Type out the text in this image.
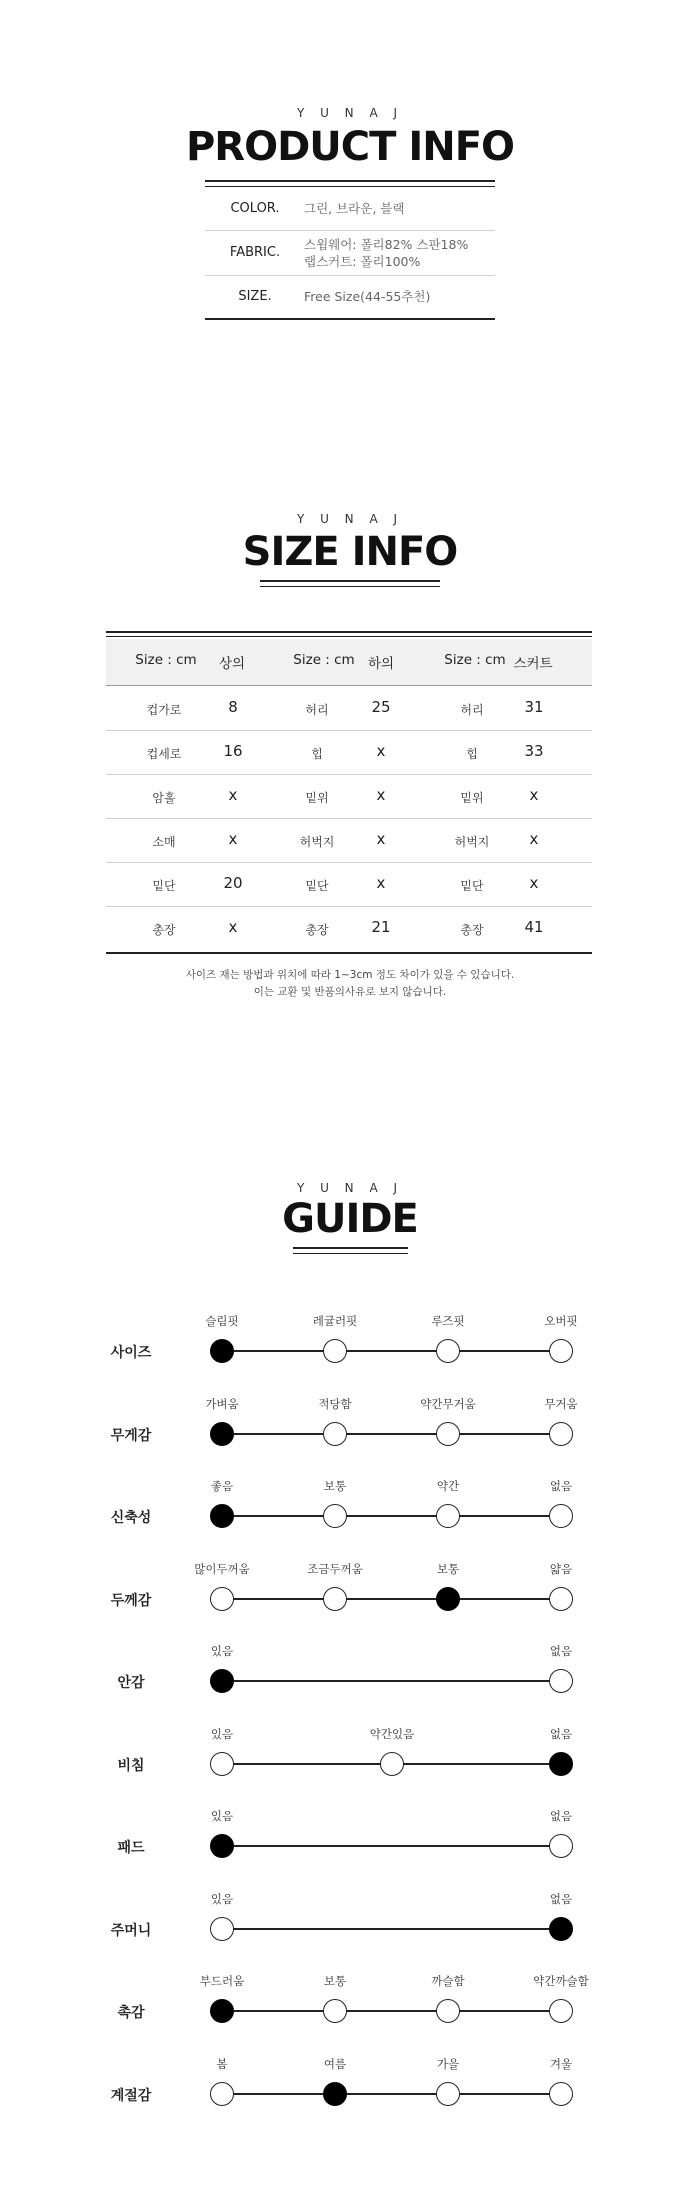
Y U N A J
PRODUCT INFO
COLOR.	그린, 브라운, 블랙
FABRIC.
스윔웨어: 폴리82% 스판18%
랩스커트: 폴리100%
SIZE.	Free Size(44-55추천)
Y U N A J
SIZE INFO
Size : cm	상의	Size : cm 하의	Size : cm 스커트
컵가로	8	허리	25	허리	31
컵세로	16	힙	x	힙	33
암홀	x	밑위	x	밑위	x
소매	x	허벅지	x	허벅지	x
밑단	20	밑단	x	밑단	x
총장	x	총장	21	총장	41
사이즈 재는 방법과 위치에 따라 1~3cm 정도 차이가 있을 수 있습니다.
이는 교환 및 반품의사유로 보지 않습니다.
Y U N A J
GUIDE
사이즈
슬림핏	레귤러핏	루즈핏	오버핏
무게감
가벼움	적당함	약간무거움	무거움
신축성
좋음	보통	약간	없음
두께감
많이두꺼움	조금두꺼움	보통	얇음
안감
있음	없음
비침
있음	약간있음	없음
패드
있음	없음
주머니
있음	없음
촉감
부드러움	보통	까슬함	약간까슬함
계절감
봄	여름	가을	겨울
